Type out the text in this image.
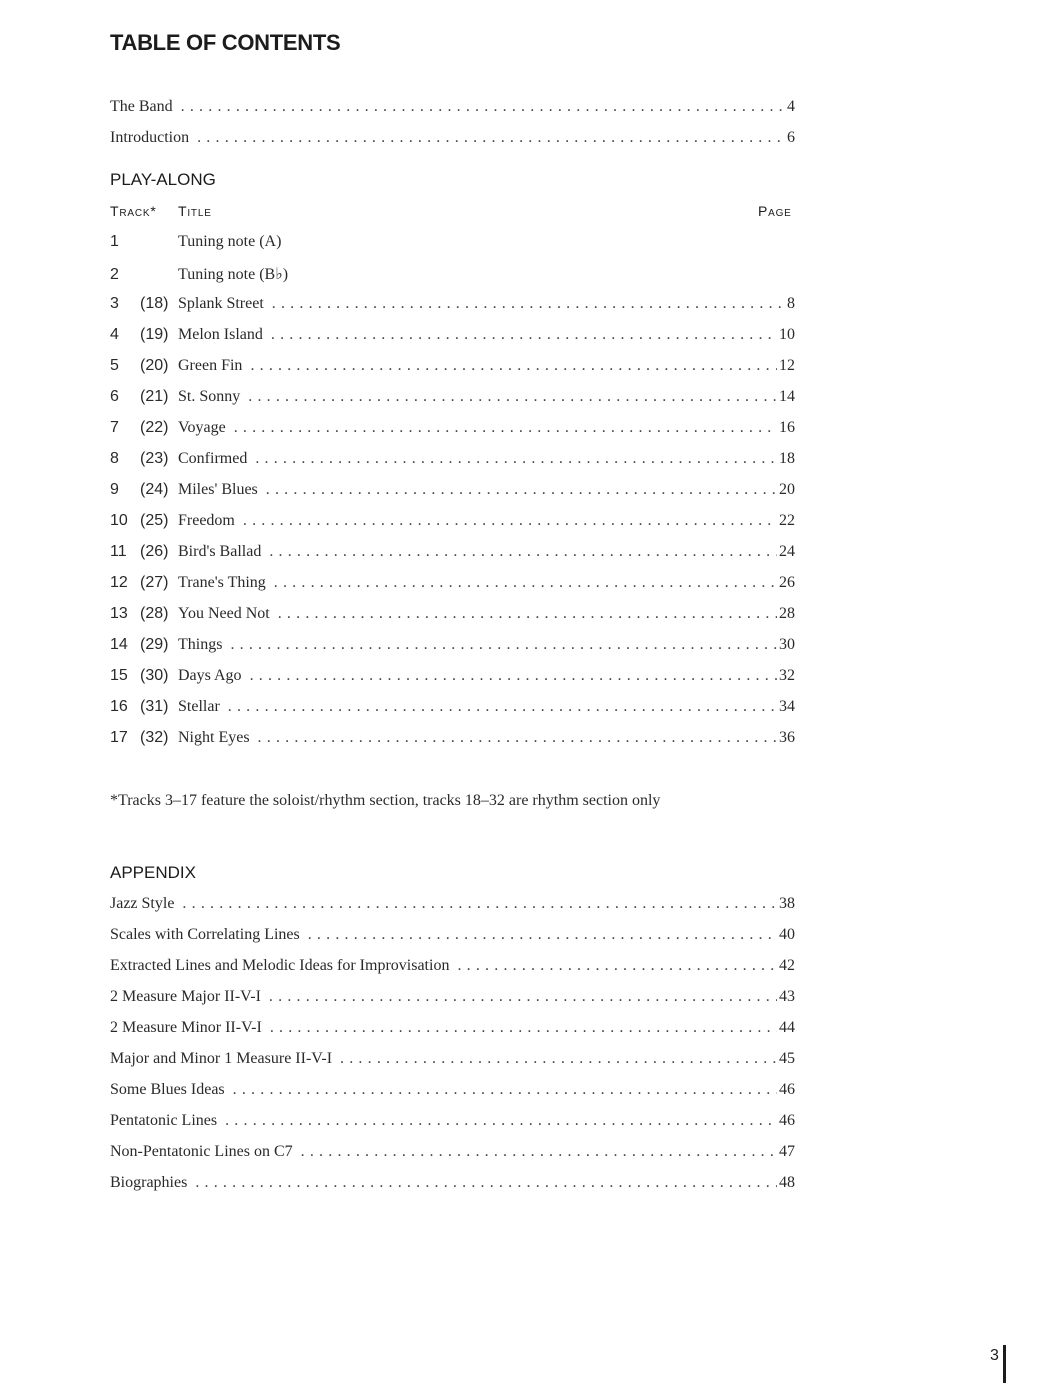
TABLE OF CONTENTS
The Band . . .	4
Introduction . . .	6
PLAY-ALONG
Track* Title	Page
1	Tuning note (A)
2	Tuning note (B♭)
3	(18) Splank Street . . .	8
4	(19) Melon Island . . .	10
5	(20) Green Fin . . .	12
6	(21) St. Sonny . . .	14
7	(22) Voyage . . .	16
8	(23) Confirmed . . .	18
9	(24) Miles' Blues . . .	20
10 (25) Freedom . . .	22
11 (26) Bird's Ballad . . .	24
12 (27) Trane's Thing . . .	26
13 (28) You Need Not . . .	28
14 (29) Things . . .	30
15 (30) Days Ago . . .	32
16 (31) Stellar . . .	34
17 (32) Night Eyes . . .	36
*Tracks 3–17 feature the soloist/rhythm section, tracks 18–32 are rhythm section only
APPENDIX
Jazz Style . . .	38
Scales with Correlating Lines . . .	40
Extracted Lines and Melodic Ideas for Improvisation . . .	42
2 Measure Major II-V-I . . .	43
2 Measure Minor II-V-I . . .	44
Major and Minor 1 Measure II-V-I . . .	45
Some Blues Ideas . . .	46
Pentatonic Lines . . .	46
Non-Pentatonic Lines on C7 . . .	47
Biographies . . .	48
3
